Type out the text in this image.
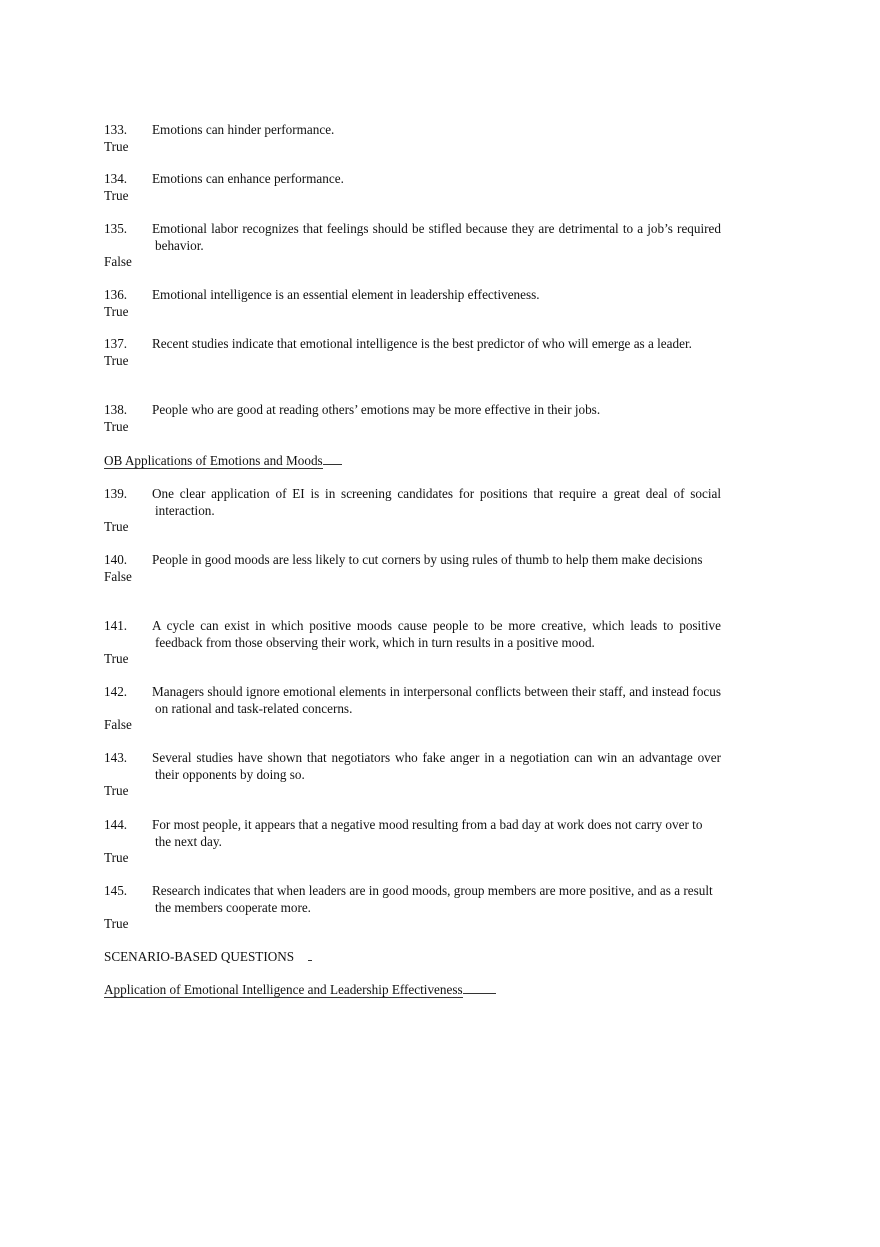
133. Emotions can hinder performance.
True
134. Emotions can enhance performance.
True
135. Emotional labor recognizes that feelings should be stifled because they are detrimental to a job’s required behavior.
False
136. Emotional intelligence is an essential element in leadership effectiveness.
True
137. Recent studies indicate that emotional intelligence is the best predictor of who will emerge as a leader.
True
138. People who are good at reading others’ emotions may be more effective in their jobs.
True
OB Applications of Emotions and Moods
139. One clear application of EI is in screening candidates for positions that require a great deal of social interaction.
True
140. People in good moods are less likely to cut corners by using rules of thumb to help them make decisions
False
141. A cycle can exist in which positive moods cause people to be more creative, which leads to positive feedback from those observing their work, which in turn results in a positive mood.
True
142. Managers should ignore emotional elements in interpersonal conflicts between their staff, and instead focus on rational and task-related concerns.
False
143. Several studies have shown that negotiators who fake anger in a negotiation can win an advantage over their opponents by doing so.
True
144. For most people, it appears that a negative mood resulting from a bad day at work does not carry over to the next day.
True
145. Research indicates that when leaders are in good moods, group members are more positive, and as a result the members cooperate more.
True
SCENARIO-BASED QUESTIONS
Application of Emotional Intelligence and Leadership Effectiveness
